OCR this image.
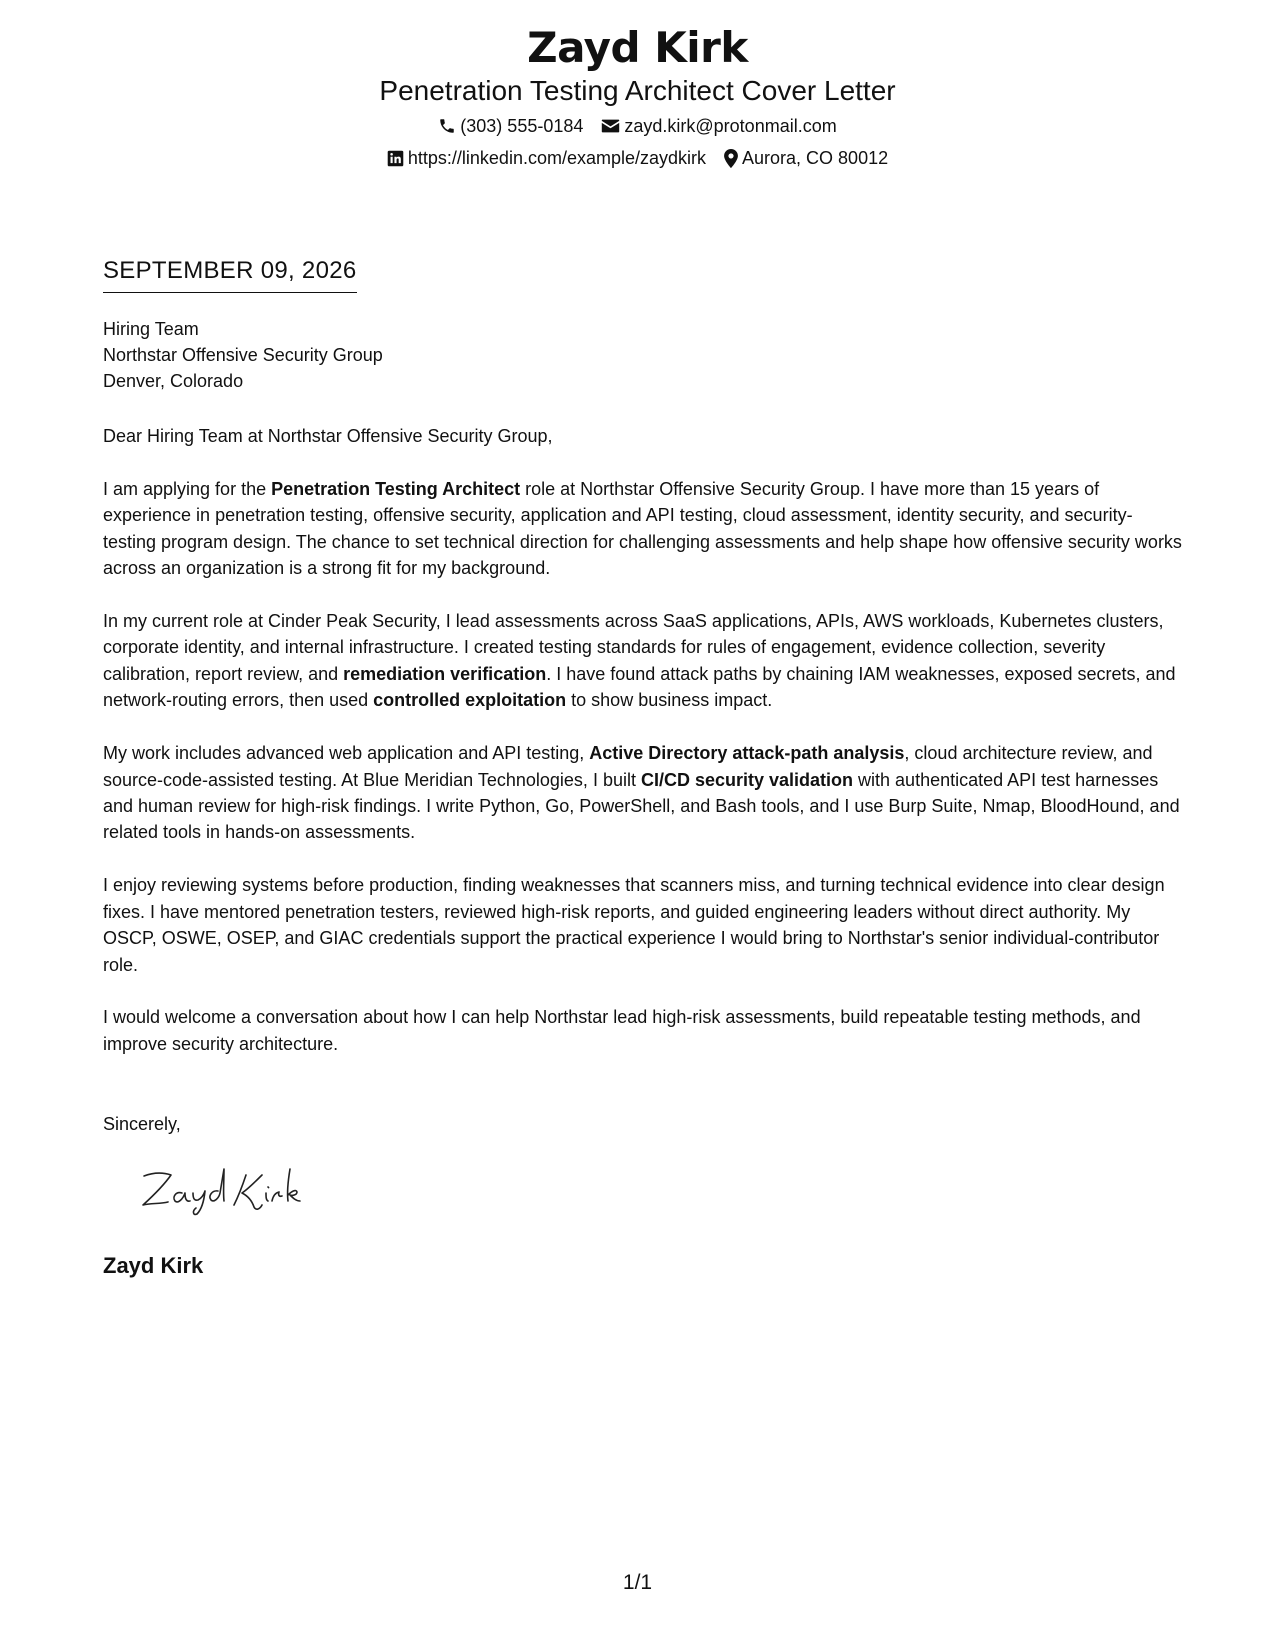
Zayd Kirk
Penetration Testing Architect Cover Letter
(303) 555-0184 zayd.kirk@protonmail.com
https://linkedin.com/example/zaydkirk Aurora, CO 80012
SEPTEMBER 09, 2026
Hiring Team
Northstar Offensive Security Group
Denver, Colorado

Dear Hiring Team at Northstar Offensive Security Group,

I am applying for the Penetration Testing Architect role at Northstar Offensive Security Group. I have more than 15 years of experience in penetration testing, offensive security, application and API testing, cloud assessment, identity security, and security-testing program design. The chance to set technical direction for challenging assessments and help shape how offensive security works across an organization is a strong fit for my background.

In my current role at Cinder Peak Security, I lead assessments across SaaS applications, APIs, AWS workloads, Kubernetes clusters, corporate identity, and internal infrastructure. I created testing standards for rules of engagement, evidence collection, severity calibration, report review, and remediation verification. I have found attack paths by chaining IAM weaknesses, exposed secrets, and network-routing errors, then used controlled exploitation to show business impact.

My work includes advanced web application and API testing, Active Directory attack-path analysis, cloud architecture review, and source-code-assisted testing. At Blue Meridian Technologies, I built CI/CD security validation with authenticated API test harnesses and human review for high-risk findings. I write Python, Go, PowerShell, and Bash tools, and I use Burp Suite, Nmap, BloodHound, and related tools in hands-on assessments.

I enjoy reviewing systems before production, finding weaknesses that scanners miss, and turning technical evidence into clear design fixes. I have mentored penetration testers, reviewed high-risk reports, and guided engineering leaders without direct authority. My OSCP, OSWE, OSEP, and GIAC credentials support the practical experience I would bring to Northstar's senior individual-contributor role.

I would welcome a conversation about how I can help Northstar lead high-risk assessments, build repeatable testing methods, and improve security architecture.

Sincerely,
Zayd Kirk
1/1
